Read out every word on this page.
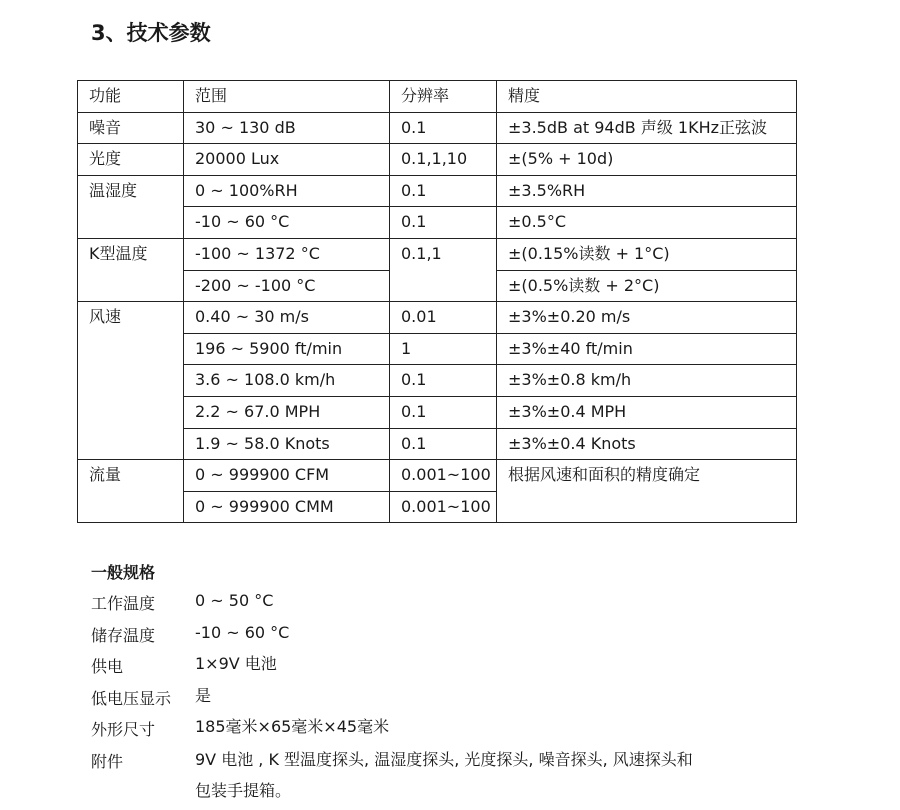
3、技术参数
功能	范围	分辨率	精度
噪音	30 ~ 130 dB	0.1	±3.5dB at 94dB 声级 1KHz正弦波
光度	20000 Lux	0.1,1,10	±(5% + 10d)
温湿度	0 ~ 100%RH	0.1	±3.5%RH
	-10 ~ 60 °C	0.1	±0.5°C
K型温度	-100 ~ 1372 °C	0.1,1	±(0.15%读数 + 1°C)
	-200 ~ -100 °C		±(0.5%读数 + 2°C)
风速	0.40 ~ 30 m/s	0.01	±3%±0.20 m/s
	196 ~ 5900 ft/min	1	±3%±40 ft/min
	3.6 ~ 108.0 km/h	0.1	±3%±0.8 km/h
	2.2 ~ 67.0 MPH	0.1	±3%±0.4 MPH
	1.9 ~ 58.0 Knots	0.1	±3%±0.4 Knots
流量	0 ~ 999900 CFM	0.001~100	根据风速和面积的精度确定
	0 ~ 999900 CMM	0.001~100	
一般规格
工作温度	0 ~ 50 °C
储存温度	-10 ~ 60 °C
供电	1×9V 电池
低电压显示	是
外形尺寸	185毫米×65毫米×45毫米
附件	9V 电池 , K 型温度探头, 温湿度探头, 光度探头, 噪音探头, 风速探头和包装手提箱。
